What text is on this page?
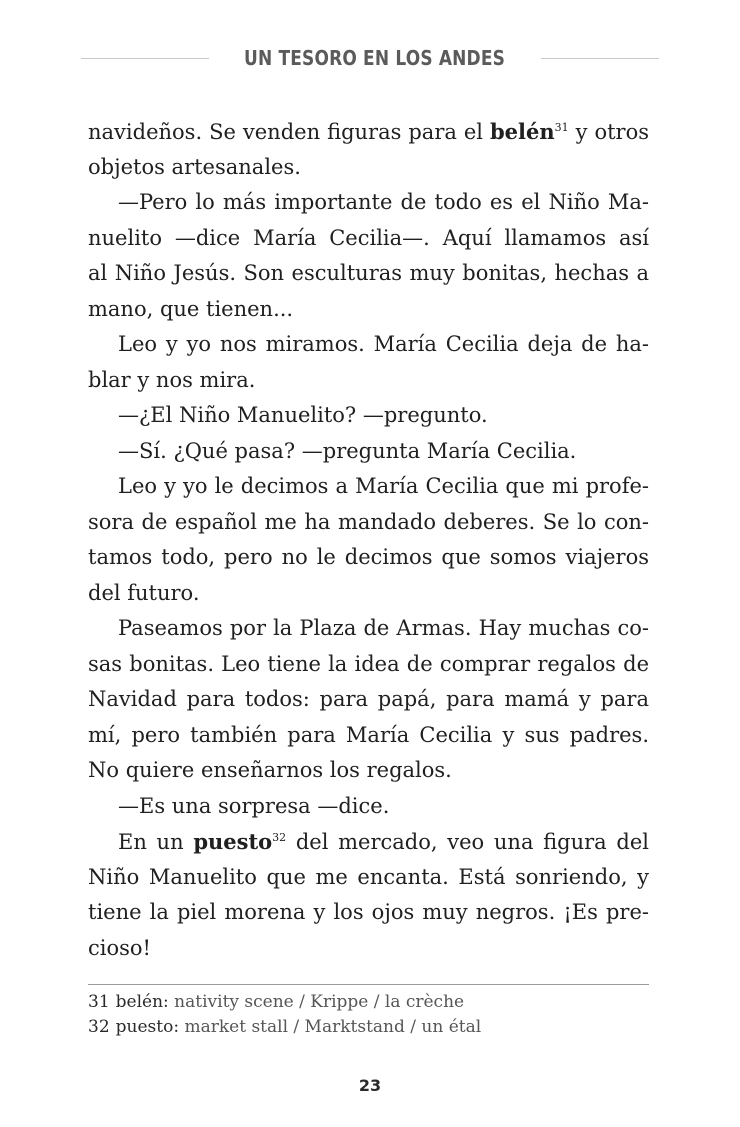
UN TESORO EN LOS ANDES
navideños. Se venden figuras para el belén$^{31}$ y otros
objetos artesanales.
—Pero lo más importante de todo es el Niño Ma-
nuelito —dice María Cecilia—. Aquí llamamos así
al Niño Jesús. Son esculturas muy bonitas, hechas a
mano, que tienen...
Leo y yo nos miramos. María Cecilia deja de ha-
blar y nos mira.
—¿El Niño Manuelito? —pregunto.
—Sí. ¿Qué pasa? —pregunta María Cecilia.
Leo y yo le decimos a María Cecilia que mi profe-
sora de español me ha mandado deberes. Se lo con-
tamos todo, pero no le decimos que somos viajeros
del futuro.
Paseamos por la Plaza de Armas. Hay muchas co-
sas bonitas. Leo tiene la idea de comprar regalos de
Navidad para todos: para papá, para mamá y para
mí, pero también para María Cecilia y sus padres.
No quiere enseñarnos los regalos.
—Es una sorpresa —dice.
En un puesto$^{32}$ del mercado, veo una figura del
Niño Manuelito que me encanta. Está sonriendo, y
tiene la piel morena y los ojos muy negros. ¡Es pre-
cioso!
31 belén: nativity scene / Krippe / la crèche
32 puesto: market stall / Marktstand / un étal
23
